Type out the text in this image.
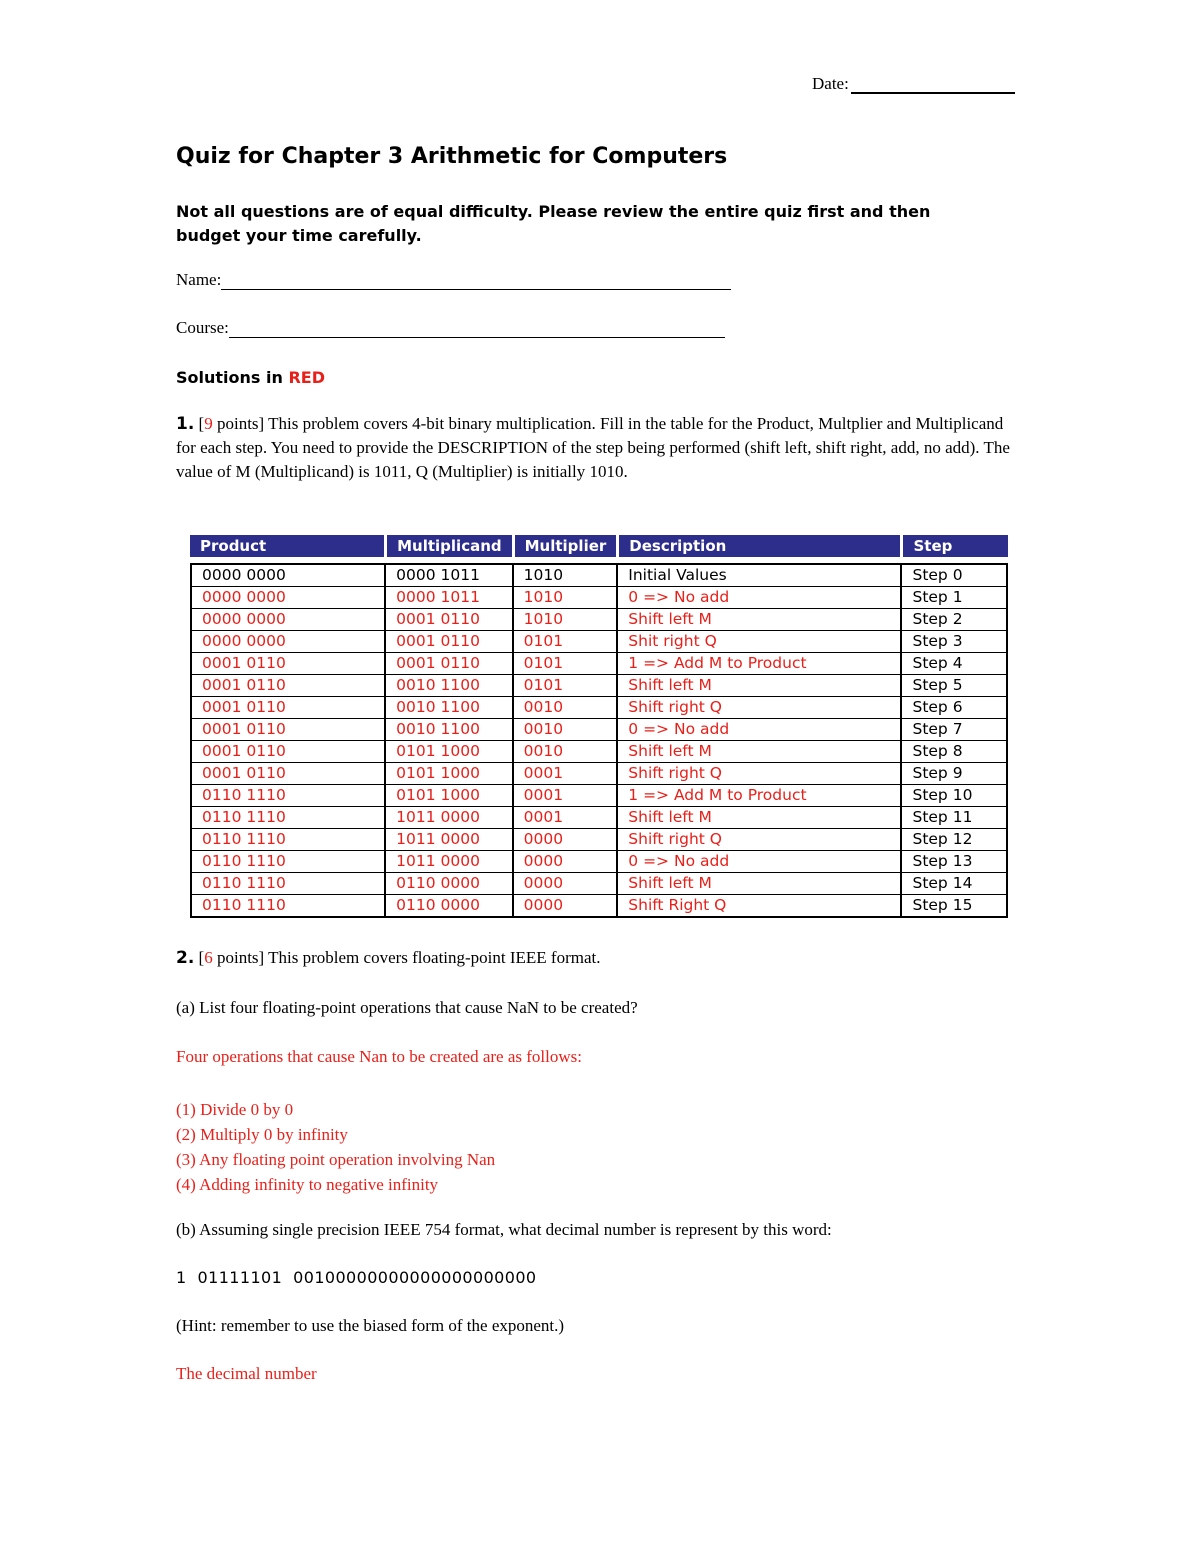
Date:
Quiz for Chapter 3 Arithmetic for Computers
Not all questions are of equal difficulty. Please review the entire quiz first and then budget your time carefully.
Name:
Course:
Solutions in RED
1. [9 points] This problem covers 4-bit binary multiplication. Fill in the table for the Product, Multplier and Multiplicand for each step. You need to provide the DESCRIPTION of the step being performed (shift left, shift right, add, no add). The value of M (Multiplicand) is 1011, Q (Multiplier) is initially 1010.
Product	Multiplicand	Multiplier	Description	Step

0000 0000	0000 1011	1010	Initial Values	Step 0
0000 0000	0000 1011	1010	0 => No add	Step 1
0000 0000	0001 0110	1010	Shift left M	Step 2
0000 0000	0001 0110	0101	Shit right Q	Step 3
0001 0110	0001 0110	0101	1 => Add M to Product	Step 4
0001 0110	0010 1100	0101	Shift left M	Step 5
0001 0110	0010 1100	0010	Shift right Q	Step 6
0001 0110	0010 1100	0010	0 => No add	Step 7
0001 0110	0101 1000	0010	Shift left M	Step 8
0001 0110	0101 1000	0001	Shift right Q	Step 9
0110 1110	0101 1000	0001	1 => Add M to Product	Step 10
0110 1110	1011 0000	0001	Shift left M	Step 11
0110 1110	1011 0000	0000	Shift right Q	Step 12
0110 1110	1011 0000	0000	0 => No add	Step 13
0110 1110	0110 0000	0000	Shift left M	Step 14
0110 1110	0110 0000	0000	Shift Right Q	Step 15
2. [6 points] This problem covers floating-point IEEE format.
(a) List four floating-point operations that cause NaN to be created?
Four operations that cause Nan to be created are as follows:
(1) Divide 0 by 0
(2) Multiply 0 by infinity
(3) Any floating point operation involving Nan
(4) Adding infinity to negative infinity
(b) Assuming single precision IEEE 754 format, what decimal number is represent by this word:
1  01111101  00100000000000000000000
(Hint: remember to use the biased form of the exponent.)
The decimal number
